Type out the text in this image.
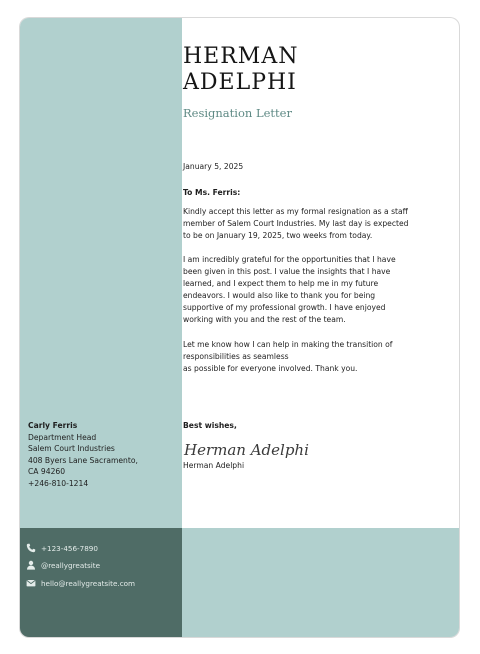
HERMAN
ADELPHI
Resignation Letter
January 5, 2025
To Ms. Ferris:
Kindly accept this letter as my formal resignation as a staff
member of Salem Court Industries. My last day is expected
to be on January 19, 2025, two weeks from today.
I am incredibly grateful for the opportunities that I have
been given in this post. I value the insights that I have
learned, and I expect them to help me in my future
endeavors. I would also like to thank you for being
supportive of my professional growth. I have enjoyed
working with you and the rest of the team.
Let me know how I can help in making the transition of
responsibilities as seamless
as possible for everyone involved. Thank you.
Best wishes,
Herman Adelphi
Herman Adelphi
Carly Ferris
Department Head
Salem Court Industries
408 Byers Lane Sacramento,
CA 94260
+246-810-1214
+123-456-7890
@reallygreatsite
hello@reallygreatsite.com
